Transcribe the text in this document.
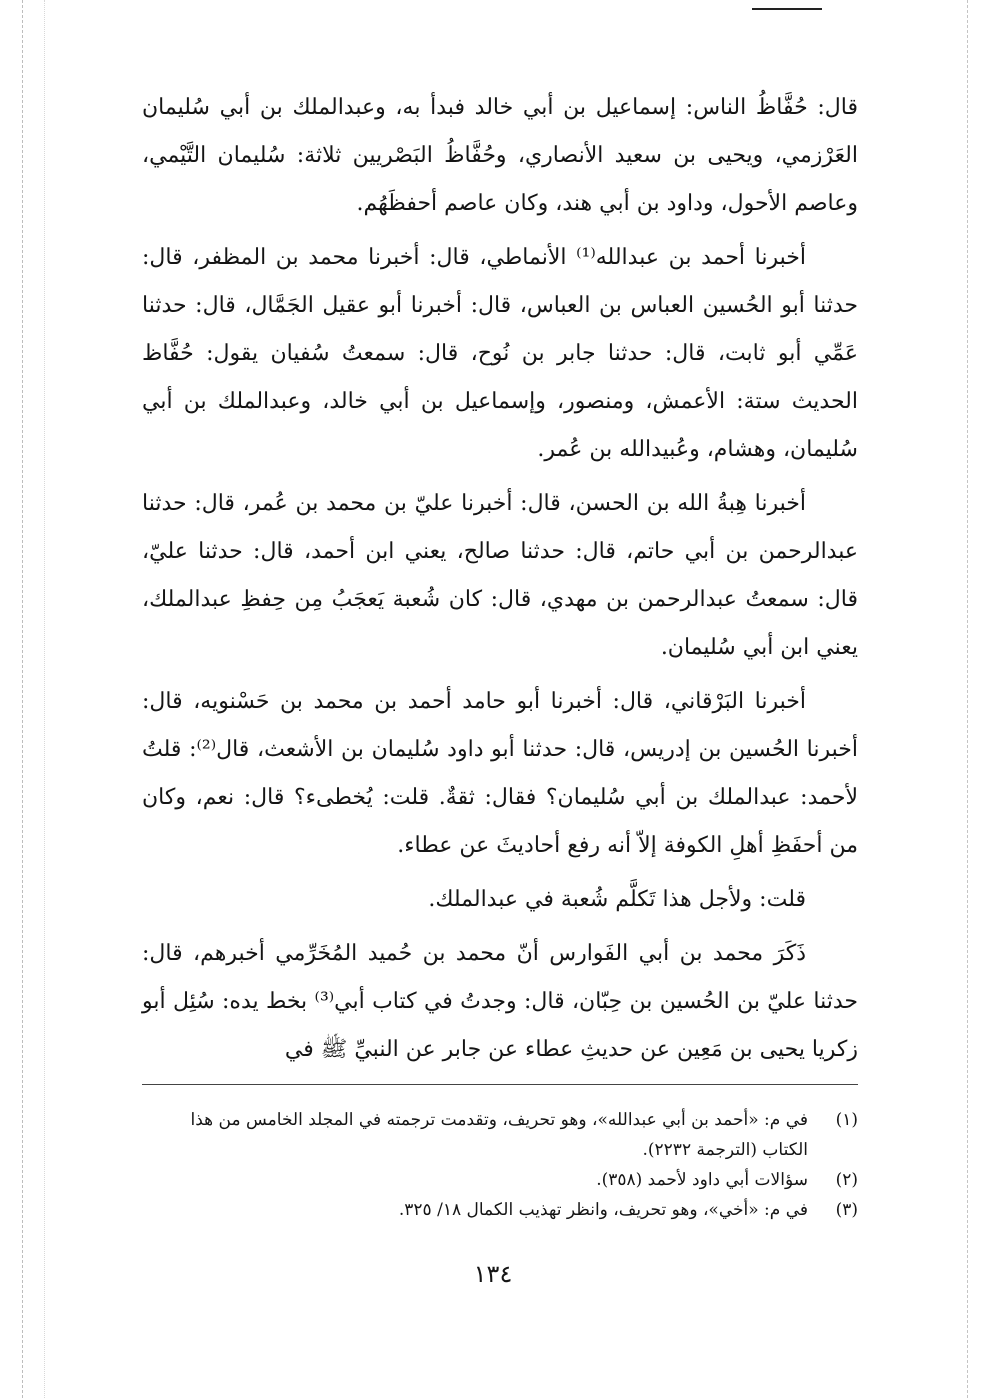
قال: حُفَّاظُ الناس: إسماعيل بن أبي خالد فبدأ به، وعبدالملك بن أبي سُليمان العَرْزمي، ويحيى بن سعيد الأنصاري، وحُفَّاظُ البَصْريين ثلاثة: سُليمان التَّيْمي، وعاصم الأحول، وداود بن أبي هند، وكان عاصم أحفظَهُم.

أخبرنا أحمد بن عبدالله⁽¹⁾ الأنماطي، قال: أخبرنا محمد بن المظفر، قال: حدثنا أبو الحُسين العباس بن العباس، قال: أخبرنا أبو عقيل الجَمَّال، قال: حدثنا عَمِّي أبو ثابت، قال: حدثنا جابر بن نُوح، قال: سمعتُ سُفيان يقول: حُفَّاظ الحديث ستة: الأعمش، ومنصور، وإسماعيل بن أبي خالد، وعبدالملك بن أبي سُليمان، وهشام، وعُبيدالله بن عُمر.

أخبرنا هِبةُ الله بن الحسن، قال: أخبرنا عليّ بن محمد بن عُمر، قال: حدثنا عبدالرحمن بن أبي حاتم، قال: حدثنا صالح، يعني ابن أحمد، قال: حدثنا عليّ، قال: سمعتُ عبدالرحمن بن مهدي، قال: كان شُعبة يَعجَبُ مِن حِفظِ عبدالملك، يعني ابن أبي سُليمان.

أخبرنا البَرْقاني، قال: أخبرنا أبو حامد أحمد بن محمد بن حَسْنويه، قال: أخبرنا الحُسين بن إدريس، قال: حدثنا أبو داود سُليمان بن الأشعث، قال⁽²⁾: قلتُ لأحمد: عبدالملك بن أبي سُليمان؟ فقال: ثقةٌ. قلت: يُخطىء؟ قال: نعم، وكان من أحفَظِ أهلِ الكوفة إلاّ أنه رفع أحاديثَ عن عطاء.

قلت: ولأجل هذا تَكلَّم شُعبة في عبدالملك.

ذَكَرَ محمد بن أبي الفَوارس أنّ محمد بن حُميد المُخَرِّمي أخبرهم، قال: حدثنا عليّ بن الحُسين بن حِبّان، قال: وجدتُ في كتاب أبي⁽³⁾ بخط يده: سُئِل أبو زكريا يحيى بن مَعِين عن حديثِ عطاء عن جابر عن النبيِّ ﷺ في

(١)
في م: «أحمد بن أبي عبدالله»، وهو تحريف، وتقدمت ترجمته في المجلد الخامس من هذا الكتاب (الترجمة ٢٢٣٢).
(٢)
سؤالات أبي داود لأحمد (٣٥٨).
(٣)
في م: «أخي»، وهو تحريف، وانظر تهذيب الكمال ١٨/ ٣٢٥.
١٣٤
